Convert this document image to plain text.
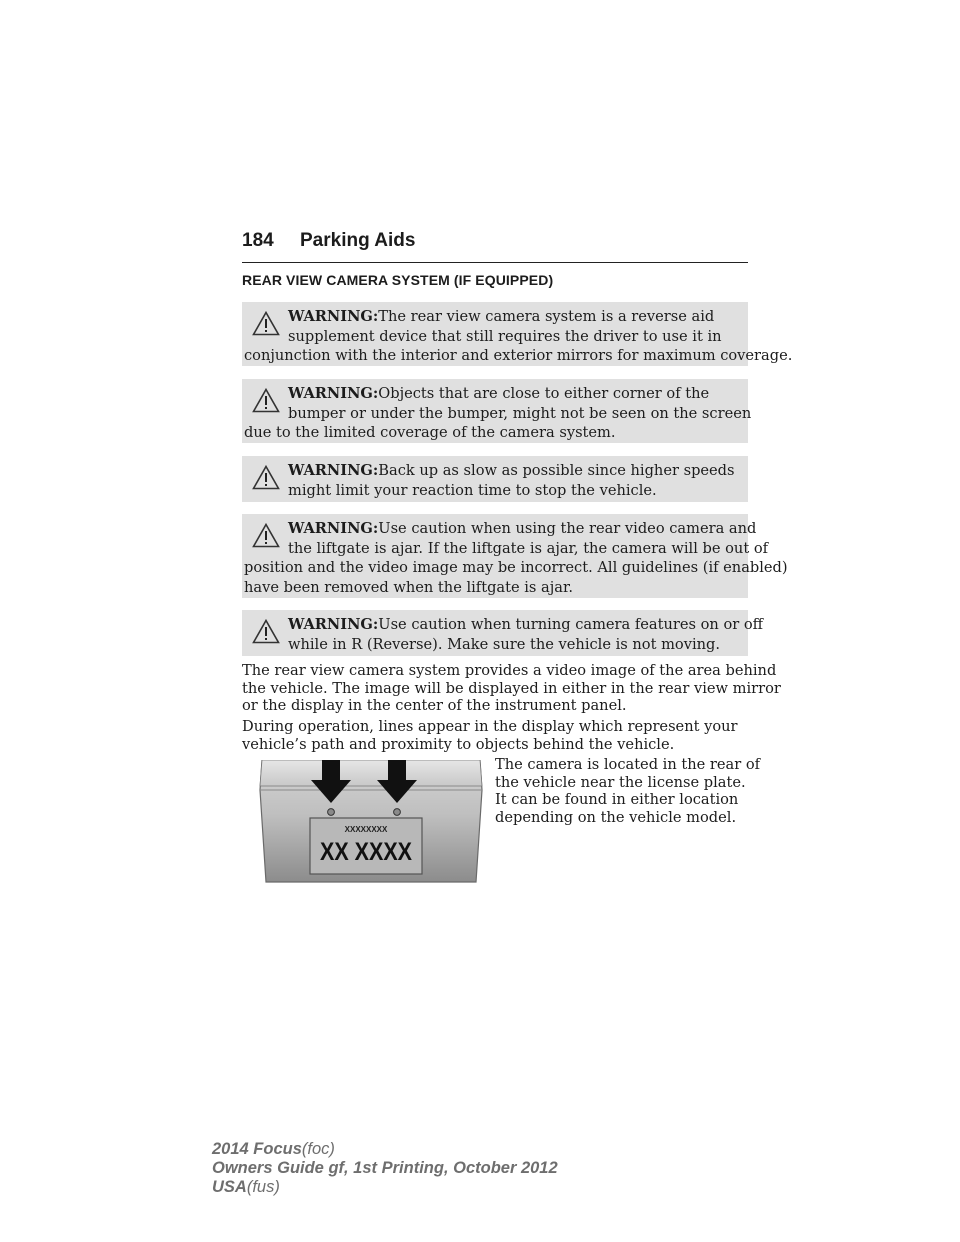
184 Parking Aids
REAR VIEW CAMERA SYSTEM (IF EQUIPPED)
WARNING:The rear view camera system is a reverse aid
supplement device that still requires the driver to use it in
conjunction with the interior and exterior mirrors for maximum coverage.
WARNING:Objects that are close to either corner of the
bumper or under the bumper, might not be seen on the screen
due to the limited coverage of the camera system.
WARNING:Back up as slow as possible since higher speeds
might limit your reaction time to stop the vehicle.
WARNING:Use caution when using the rear video camera and
the liftgate is ajar. If the liftgate is ajar, the camera will be out of
position and the video image may be incorrect. All guidelines (if enabled)
have been removed when the liftgate is ajar.
WARNING:Use caution when turning camera features on or off
while in R (Reverse). Make sure the vehicle is not moving.
The rear view camera system provides a video image of the area behind
the vehicle. The image will be displayed in either in the rear view mirror
or the display in the center of the instrument panel.
During operation, lines appear in the display which represent your
vehicle’s path and proximity to objects behind the vehicle.
The camera is located in the rear of
the vehicle near the license plate.
It can be found in either location
depending on the vehicle model.
XXXXXXXX
XX XXXX
2014 Focus(foc)
Owners Guide gf, 1st Printing, October 2012
USA(fus)
